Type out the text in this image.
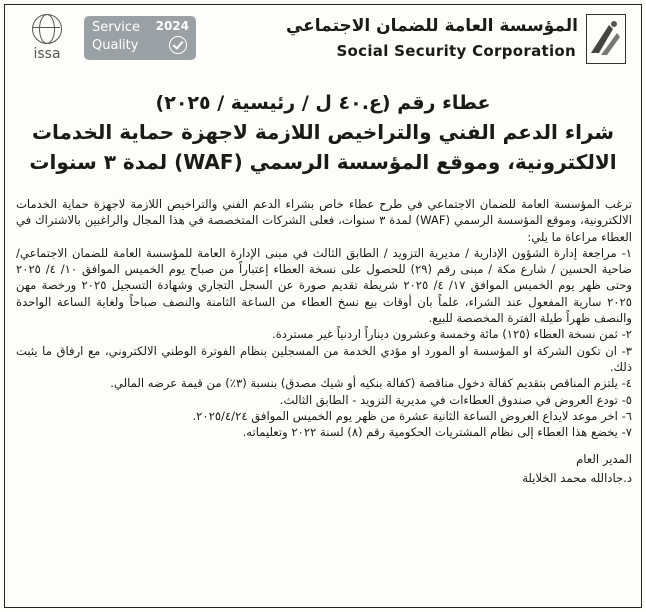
المؤسسة العامة للضمان الاجتماعي
Social Security Corporation
issa
Service
Quality
2024
عطاء رقم (ع.٤٠ ل / رئيسية / ٢٠٢٥)
شراء الدعم الفني والتراخيص اللازمة لاجهزة حماية الخدمات
الالكترونية، وموقع المؤسسة الرسمي (WAF) لمدة ٣ سنوات

ترغب المؤسسة العامة للضمان الاجتماعي في طرح عطاء خاص بشراء الدعم الفني والتراخيص اللازمة لاجهزة حماية الخدمات الالكترونية، وموقع المؤسسة الرسمي (WAF) لمدة ٣ سنوات، فعلى الشركات المتخصصة في هذا المجال والراغبين بالاشتراك في العطاء مراعاة ما يلي:

١- مراجعة إدارة الشؤون الإدارية / مديرية التزويد / الطابق الثالث في مبنى الإدارة العامة للمؤسسة العامة للضمان الاجتماعي/ ضاحية الحسين / شارع مكة / مبنى رقم (٢٩) للحصول على نسخة العطاء إعتباراً من صباح يوم الخميس الموافق ١٠/ ٤/ ٢٠٢٥ وحتى ظهر يوم الخميس الموافق ١٧/ ٤/ ٢٠٢٥ شريطة تقديم صورة عن السجل التجاري وشهادة التسجيل ٢٠٢٥ ورخصة مهن ٢٠٢٥ سارية المفعول عند الشراء، علماً بان أوقات بيع نسخ العطاء من الساعة الثامنة والنصف صباحاً ولغاية الساعة الواحدة والنصف ظهراً طيلة الفترة المخصصة للبيع.

٢- ثمن نسخة العطاء (١٢٥) مائة وخمسة وعشرون ديناراً اردنياً غير مستردة.

٣- ان تكون الشركة او المؤسسة او المورد او مؤدي الخدمة من المسجلين بنظام الفوترة الوطني الالكتروني، مع ارفاق ما يثبت ذلك.

٤- يلتزم المناقص بتقديم كفالة دخول مناقصة (كفالة بنكيه أو شيك مصدق) بنسبة (٣٪) من قيمة عرضه المالي.

٥- تودع العروض في صندوق العطاءات في مديرية التزويد - الطابق الثالث.

٦- اخر موعد لايداع العروض الساعة الثانية عشرة من ظهر يوم الخميس الموافق ٢٠٢٥/٤/٢٤.

٧- يخضع هذا العطاء إلى نظام المشتريات الحكومية رقم (٨) لسنة ٢٠٢٢ وتعليماته.

المدير العام
د.جادالله محمد الخلايلة
